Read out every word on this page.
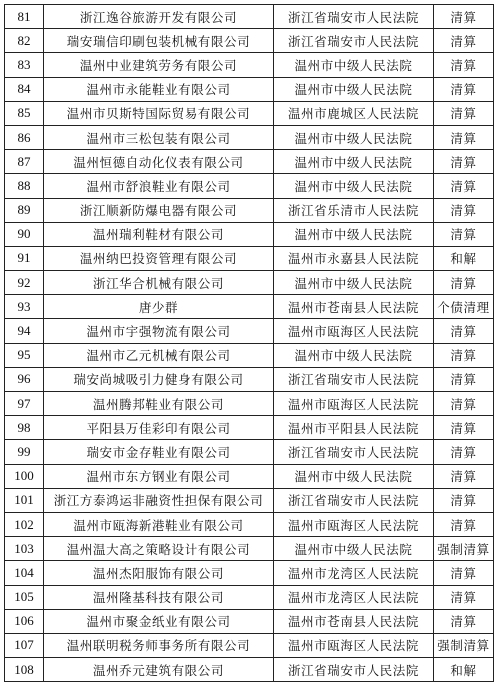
81	浙江逸谷旅游开发有限公司	浙江省瑞安市人民法院	清算
82	瑞安瑞信印刷包装机械有限公司	浙江省瑞安市人民法院	清算
83	温州中业建筑劳务有限公司	温州市中级人民法院	清算
84	温州市永能鞋业有限公司	温州市中级人民法院	清算
85	温州市贝斯特国际贸易有限公司	温州市鹿城区人民法院	清算
86	温州市三松包装有限公司	温州市中级人民法院	清算
87	温州恒德自动化仪表有限公司	温州市中级人民法院	清算
88	温州市舒浪鞋业有限公司	温州市中级人民法院	清算
89	浙江顺新防爆电器有限公司	浙江省乐清市人民法院	清算
90	温州瑞利鞋材有限公司	温州市中级人民法院	清算
91	温州纳巴投资管理有限公司	温州市永嘉县人民法院	和解
92	浙江华合机械有限公司	温州市中级人民法院	清算
93	唐少群	温州市苍南县人民法院	个债清理
94	温州市宇强物流有限公司	温州市瓯海区人民法院	清算
95	温州市乙元机械有限公司	温州市中级人民法院	清算
96	瑞安尚城吸引力健身有限公司	浙江省瑞安市人民法院	清算
97	温州腾邦鞋业有限公司	温州市瓯海区人民法院	清算
98	平阳县万佳彩印有限公司	温州市平阳县人民法院	清算
99	瑞安市金存鞋业有限公司	浙江省瑞安市人民法院	清算
100	温州市东方钢业有限公司	温州市中级人民法院	清算
101	浙江方泰鸿运非融资性担保有限公司	浙江省瑞安市人民法院	清算
102	温州市瓯海新港鞋业有限公司	温州市瓯海区人民法院	清算
103	温州温大高之策略设计有限公司	温州市中级人民法院	强制清算
104	温州杰阳服饰有限公司	温州市龙湾区人民法院	清算
105	温州隆基科技有限公司	温州市龙湾区人民法院	清算
106	温州市聚金纸业有限公司	温州市苍南县人民法院	清算
107	温州联明税务师事务所有限公司	温州市瓯海区人民法院	强制清算
108	温州乔元建筑有限公司	浙江省瑞安市人民法院	和解
